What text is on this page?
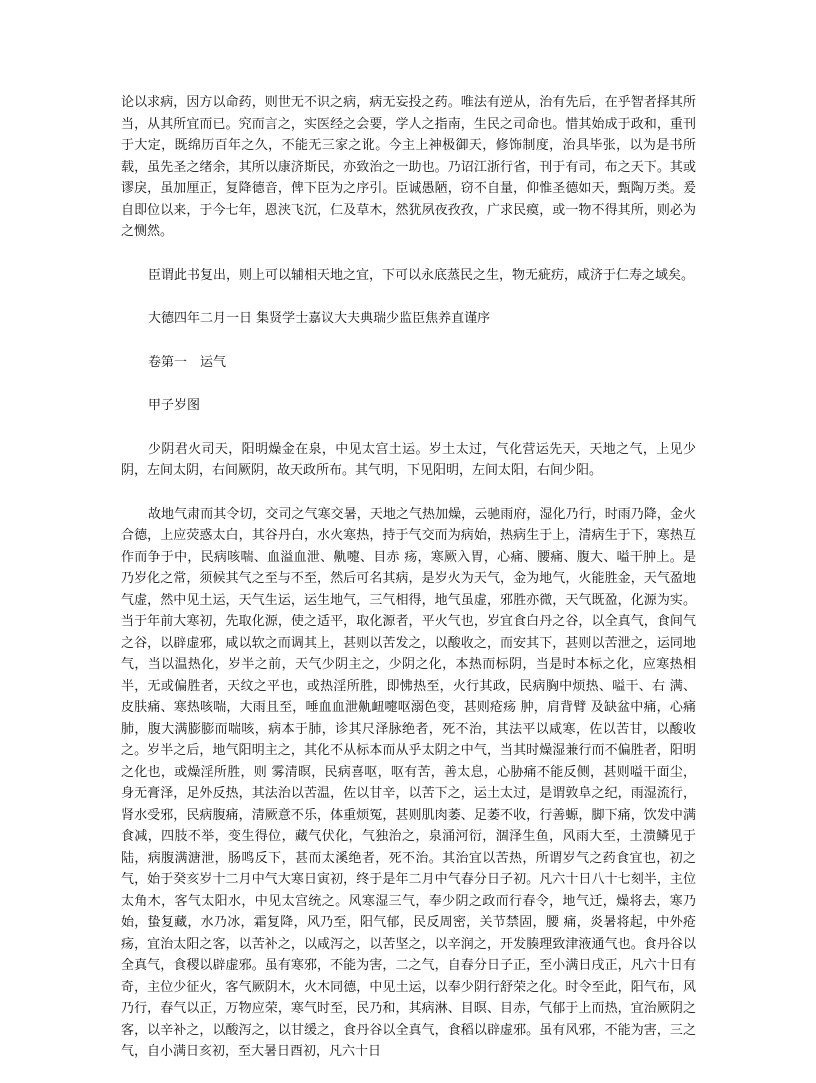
论以求病，因方以命药，则世无不识之病，病无妄投之药。唯法有逆从，治有先后，在乎智者择其所当，从其所宜而已。究而言之，实医经之会要，学人之指南，生民之司命也。惜其始成于政和，重刊于大定，既绵历百年之久，不能无三家之讹。今主上神极御天，修饰制度，治具毕张，以为是书所载，虽先圣之绪余，其所以康济斯民，亦致治之一助也。乃诏江浙行省，刊于有司，布之天下。其或谬戾，虽加厘正，复降德音，俾下臣为之序引。臣诚愚陋，窃不自量，仰惟圣德如天，甄陶万类。爰自即位以来，于今七年，恩浃飞沉，仁及草木，然犹夙夜孜孜，广求民瘼，或一物不得其所，则必为之恻然。

臣谓此书复出，则上可以辅相天地之宜，下可以永底蒸民之生，物无疵疠，咸济于仁寿之域矣。

大德四年二月一日 集贤学士嘉议大夫典瑞少监臣焦养直谨序

卷第一　运气

甲子岁图

少阴君火司天，阳明燥金在泉，中见太宫土运。岁土太过，气化营运先天，天地之气，上见少阴，左间太阴，右间厥阴，故天政所布。其气明，下见阳明，左间太阳，右间少阳。

故地气肃而其令切，交司之气寒交暑，天地之气热加燥，云驰雨府，湿化乃行，时雨乃降，金火合德，上应荧惑太白，其谷丹白，水火寒热，持于气交而为病始，热病生于上，清病生于下，寒热互作而争于中，民病咳喘、血溢血泄、鼽嚏、目赤 疡，寒厥入胃，心痛、腰痛、腹大、嗌干肿上。是乃岁化之常，须候其气之至与不至，然后可名其病，是岁火为天气，金为地气，火能胜金，天气盈地气虚，然中见土运，天气生运，运生地气，三气相得，地气虽虚，邪胜亦微，天气既盈，化源为实。当于年前大寒初，先取化源，使之适平，取化源者，平火气也，岁宜食白丹之谷，以全真气，食间气之谷，以辟虚邪，咸以软之而调其上，甚则以苦发之，以酸收之，而安其下，甚则以苦泄之，运同地气，当以温热化，岁半之前，天气少阴主之，少阴之化，本热而标阴，当是时本标之化，应寒热相半，无或偏胜者，天纹之平也，或热淫所胜，即怫热至，火行其政，民病胸中烦热、嗌干、右 满、皮肤痛、寒热咳喘，大雨且至，唾血血泄鼽衄嚏呕溺色变，甚则疮疡 肿，肩背臂 及缺盆中痛，心痛肺，腹大满膨膨而喘咳，病本于肺，诊其尺泽脉绝者，死不治，其法平以咸寒，佐以苦甘，以酸收之。岁半之后，地气阳明主之，其化不从标本而从乎太阴之中气，当其时燥湿兼行而不偏胜者，阳明之化也，或燥淫所胜，则 雾清暝，民病喜呕，呕有苦，善太息，心胁痛不能反侧，甚则嗌干面尘，身无膏泽，足外反热，其法治以苦温，佐以甘辛，以苦下之，运土太过，是谓敦阜之纪，雨湿流行，肾水受邪，民病腹痛，清厥意不乐，体重烦冤，甚则肌肉萎、足萎不收，行善螈，脚下痛，饮发中满食减，四肢不举，变生得位，藏气伏化，气独治之，泉涌河衍，涸泽生鱼，风雨大至，土溃鳞见于陆，病腹满溏泄，肠鸣反下，甚而太溪绝者，死不治。其治宜以苦热，所谓岁气之药食宜也，初之气，始于癸亥岁十二月中气大寒日寅初，终于是年二月中气春分日子初。凡六十日八十七刻半，主位太角木，客气太阳水，中见太宫统之。风寒湿三气，奉少阴之政而行春令，地气迁，燥将去，寒乃始，蛰复藏，水乃冰，霜复降，风乃至，阳气郁，民反周密，关节禁固，腰 痛，炎暑将起，中外疮疡，宜治太阳之客，以苦补之，以咸泻之，以苦坚之，以辛润之，开发腠理致津液通气也。食丹谷以全真气，食稷以辟虚邪。虽有寒邪，不能为害，二之气，自春分日子正，至小满日戌正，凡六十日有奇，主位少征火，客气厥阴木，火木同德，中见土运，以奉少阴行舒荣之化。时令至此，阳气布，风乃行，春气以正，万物应荣，寒气时至，民乃和，其病淋、目暝、目赤，气郁于上而热，宜治厥阴之客，以辛补之，以酸泻之，以甘缓之，食丹谷以全真气，食稻以辟虚邪。虽有风邪，不能为害，三之气，自小满日亥初，至大暑日酉初，凡六十日
